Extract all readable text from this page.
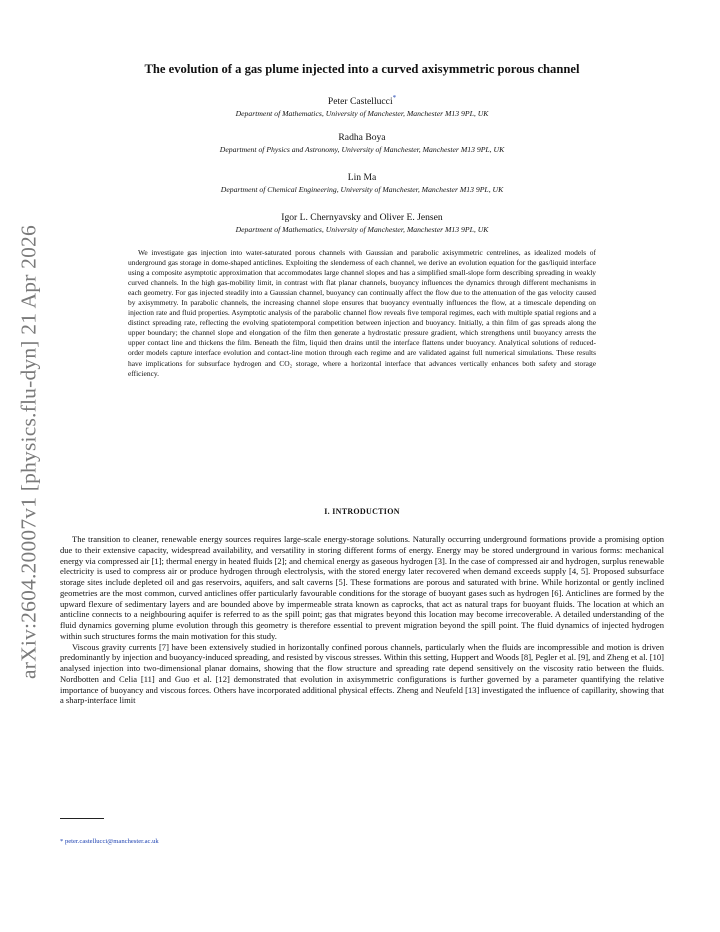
arXiv:2604.20007v1 [physics.flu-dyn] 21 Apr 2026
The evolution of a gas plume injected into a curved axisymmetric porous channel
Peter Castellucci*
Department of Mathematics, University of Manchester, Manchester M13 9PL, UK
Radha Boya
Department of Physics and Astronomy, University of Manchester, Manchester M13 9PL, UK
Lin Ma
Department of Chemical Engineering, University of Manchester, Manchester M13 9PL, UK
Igor L. Chernyavsky and Oliver E. Jensen
Department of Mathematics, University of Manchester, Manchester M13 9PL, UK

We investigate gas injection into water-saturated porous channels with Gaussian and parabolic axisymmetric centrelines, as idealized models of underground gas storage in dome-shaped anticlines. Exploiting the slenderness of each channel, we derive an evolution equation for the gas/liquid interface using a composite asymptotic approximation that accommodates large channel slopes and has a simplified small-slope form describing spreading in weakly curved channels. In the high gas-mobility limit, in contrast with flat planar channels, buoyancy influences the dynamics through different mechanisms in each geometry. For gas injected steadily into a Gaussian channel, buoyancy can continually affect the flow due to the attenuation of the gas velocity caused by axisymmetry. In parabolic channels, the increasing channel slope ensures that buoyancy eventually influences the flow, at a timescale depending on injection rate and fluid properties. Asymptotic analysis of the parabolic channel flow reveals five temporal regimes, each with multiple spatial regions and a distinct spreading rate, reflecting the evolving spatiotemporal competition between injection and buoyancy. Initially, a thin film of gas spreads along the upper boundary; the channel slope and elongation of the film then generate a hydrostatic pressure gradient, which strengthens until buoyancy arrests the upper contact line and thickens the film. Beneath the film, liquid then drains until the interface flattens under buoyancy. Analytical solutions of reduced-order models capture interface evolution and contact-line motion through each regime and are validated against full numerical simulations. These results have implications for subsurface hydrogen and CO₂ storage, where a horizontal interface that advances vertically enhances both safety and storage efficiency.

I. INTRODUCTION

The transition to cleaner, renewable energy sources requires large-scale energy-storage solutions. Naturally occurring underground formations provide a promising option due to their extensive capacity, widespread availability, and versatility in storing different forms of energy. Energy may be stored underground in various forms: mechanical energy via compressed air [1]; thermal energy in heated fluids [2]; and chemical energy as gaseous hydrogen [3]. In the case of compressed air and hydrogen, surplus renewable electricity is used to compress air or produce hydrogen through electrolysis, with the stored energy later recovered when demand exceeds supply [4, 5]. Proposed subsurface storage sites include depleted oil and gas reservoirs, aquifers, and salt caverns [5]. These formations are porous and saturated with brine. While horizontal or gently inclined geometries are the most common, curved anticlines offer particularly favourable conditions for the storage of buoyant gases such as hydrogen [6]. Anticlines are formed by the upward flexure of sedimentary layers and are bounded above by impermeable strata known as caprocks, that act as natural traps for buoyant fluids. The location at which an anticline connects to a neighbouring aquifer is referred to as the spill point; gas that migrates beyond this location may become irrecoverable. A detailed understanding of the fluid dynamics governing plume evolution through this geometry is therefore essential to prevent migration beyond the spill point. The fluid dynamics of injected hydrogen within such structures forms the main motivation for this study.

Viscous gravity currents [7] have been extensively studied in horizontally confined porous channels, particularly when the fluids are incompressible and motion is driven predominantly by injection and buoyancy-induced spreading, and resisted by viscous stresses. Within this setting, Huppert and Woods [8], Pegler et al. [9], and Zheng et al. [10] analysed injection into two-dimensional planar domains, showing that the flow structure and spreading rate depend sensitively on the viscosity ratio between the fluids. Nordbotten and Celia [11] and Guo et al. [12] demonstrated that evolution in axisymmetric configurations is further governed by a parameter quantifying the relative importance of buoyancy and viscous forces. Others have incorporated additional physical effects. Zheng and Neufeld [13] investigated the influence of capillarity, showing that a sharp-interface limit

* peter.castellucci@manchester.ac.uk
